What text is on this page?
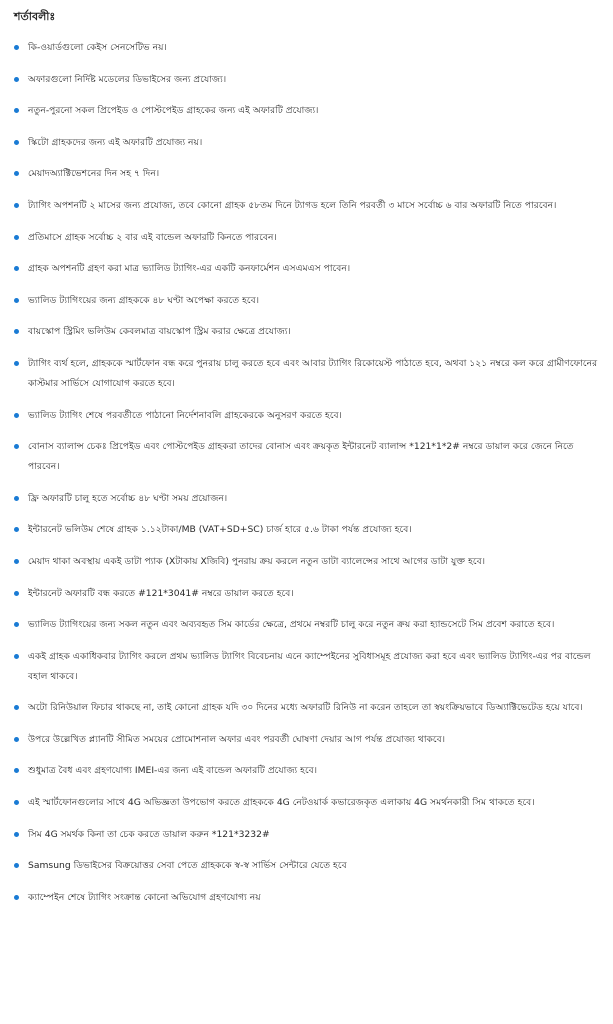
শর্তাবলীঃ
কি-ওয়ার্ডগুলো কেইস সেনসেটিভ নয়।
অফারগুলো নির্দিষ্ট মডেলের ডিভাইসের জন্য প্রযোজ্য।
নতুন-পুরনো সকল প্রিপেইড ও পোস্টপেইড গ্রাহকের জন্য এই অফারটি প্রযোজ্য।
স্কিটো গ্রাহকদের জন্য এই অফারটি প্রযোজ্য নয়।
মেয়াদঅ্যাক্টিভেশনের দিন সহ ৭ দিন।
ট্যাগিং অপশনটি ২ মাসের জন্য প্রযোজ্য, তবে কোনো গ্রাহক ৫৮তম দিনে ট্যাগড হলে তিনি পরবর্তী ৩ মাসে সর্বোচ্চ ৬ বার অফারটি নিতে পারবেন।
প্রতিমাসে গ্রাহক সর্বোচ্চ ২ বার এই বান্ডেল অফারটি কিনতে পারবেন।
গ্রাহক অপশনটি গ্রহণ করা মাত্র ভ্যালিড ট্যাগিং-এর একটি কনফার্মেশন এসএমএস পাবেন।
ভ্যালিড ট্যাগিংয়ের জন্য গ্রাহককে ৪৮ ঘণ্টা অপেক্ষা করতে হবে।
বায়স্কোপ স্ট্রিমিং ভলিউম কেবলমাত্র বায়স্কোপ স্ট্রিম করার ক্ষেত্রে প্রযোজ্য।
ট্যাগিং ব্যর্থ হলে, গ্রাহককে স্মার্টফোন বন্ধ করে পুনরায় চালু করতে হবে এবং আবার ট্যাগিং রিকোয়েস্ট পাঠাতে হবে, অথবা ১২১ নম্বরে কল করে গ্রামীণফোনের কাস্টমার সার্ভিসে যোগাযোগ করতে হবে।
ভ্যালিড ট্যাগিং শেষে পরবর্তীতে পাঠানো নির্দেশনাবলি গ্রাহকেরকে অনুসরণ করতে হবে।
বোনাস ব্যালান্স চেকঃ প্রিপেইড এবং পোস্টপেইড গ্রাহকরা তাদের বোনাস এবং ক্রয়কৃত ইন্টারনেট ব্যালান্স *121*1*2# নম্বরে ডায়াল করে জেনে নিতে পারবেন।
ফ্রি অফারটি চালু হতে সর্বোচ্চ ৪৮ ঘণ্টা সময় প্রয়োজন।
ইন্টারনেট ভলিউম শেষে গ্রাহক ১.১২টাকা/MB (VAT+SD+SC) চার্জ হারে ৫.৬ টাকা পর্যন্ত প্রযোজ্য হবে।
মেয়াদ থাকা অবস্থায় একই ডাটা প্যাক (Xটাকায় Xজিবি) পুনরায় ক্রয় করলে নতুন ডাটা ব্যালেন্সের সাথে আগের ডাটা যুক্ত হবে।
ইন্টারনেট অফারটি বন্ধ করতে #121*3041# নম্বরে ডায়াল করতে হবে।
ভ্যালিড ট্যাগিংয়ের জন্য সকল নতুন এবং অব্যবহৃত সিম কার্ডের ক্ষেত্রে, প্রথমে নম্বরটি চালু করে নতুন ক্রয় করা হ্যান্ডসেটে সিম প্রবেশ করাতে হবে।
একই গ্রাহক একাধিকবার ট্যাগিং করলে প্রথম ভ্যালিড ট্যাগিং বিবেচনায় এনে ক্যাম্পেইনের সুবিধাসমূহ প্রযোজ্য করা হবে এবং ভ্যালিড ট্যাগিং-এর পর বান্ডেল বহাল থাকবে।
অটো রিনিউয়াল ফিচার থাকছে না, তাই কোনো গ্রাহক যদি ৩০ দিনের মধ্যে অফারটি রিনিউ না করেন তাহলে তা স্বয়ংক্রিয়ভাবে ডিঅ্যাক্টিভেটেড হয়ে যাবে।
উপরে উল্লেখিত প্ল্যানটি সীমিত সময়ের প্রোমোশনাল অফার এবং পরবর্তী ঘোষণা দেয়ার আগ পর্যন্ত প্রযোজ্য থাকবে।
শুধুমাত্র বৈধ এবং গ্রহণযোগ্য IMEI-এর জন্য এই বান্ডেল অফারটি প্রযোজ্য হবে।
এই স্মার্টফোনগুলোর সাথে 4G অভিজ্ঞতা উপভোগ করতে গ্রাহককে 4G নেটওয়ার্ক কভারেজকৃত এলাকায় 4G সমর্থনকারী সিম থাকতে হবে।
সিম 4G সমর্থক কিনা তা চেক করতে ডায়াল করুন *121*3232#
Samsung ডিভাইসের বিক্রয়োত্তর সেবা পেতে গ্রাহককে স্ব-স্ব সার্ভিস সেন্টারে যেতে হবে
ক্যাম্পেইন শেষে ট্যাগিং সংক্রান্ত কোনো অভিযোগ গ্রহণযোগ্য নয়
